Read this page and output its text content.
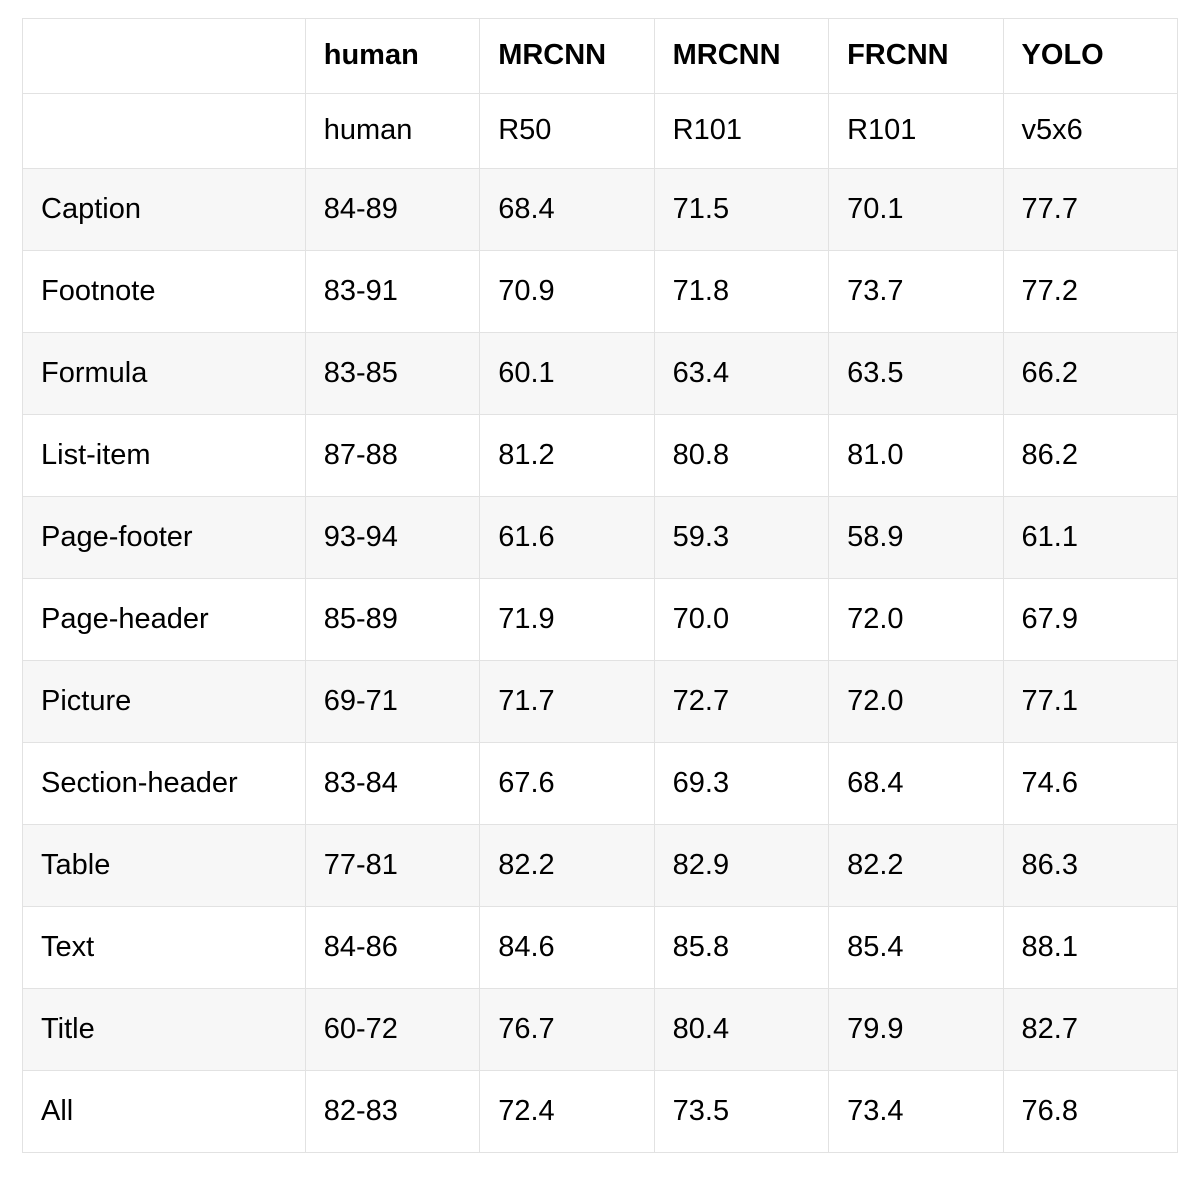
	human	MRCNN	MRCNN	FRCNN	YOLO
	human	R50	R101	R101	v5x6
Caption	84-89	68.4	71.5	70.1	77.7
Footnote	83-91	70.9	71.8	73.7	77.2
Formula	83-85	60.1	63.4	63.5	66.2
List-item	87-88	81.2	80.8	81.0	86.2
Page-footer	93-94	61.6	59.3	58.9	61.1
Page-header	85-89	71.9	70.0	72.0	67.9
Picture	69-71	71.7	72.7	72.0	77.1
Section-header	83-84	67.6	69.3	68.4	74.6
Table	77-81	82.2	82.9	82.2	86.3
Text	84-86	84.6	85.8	85.4	88.1
Title	60-72	76.7	80.4	79.9	82.7
All	82-83	72.4	73.5	73.4	76.8
